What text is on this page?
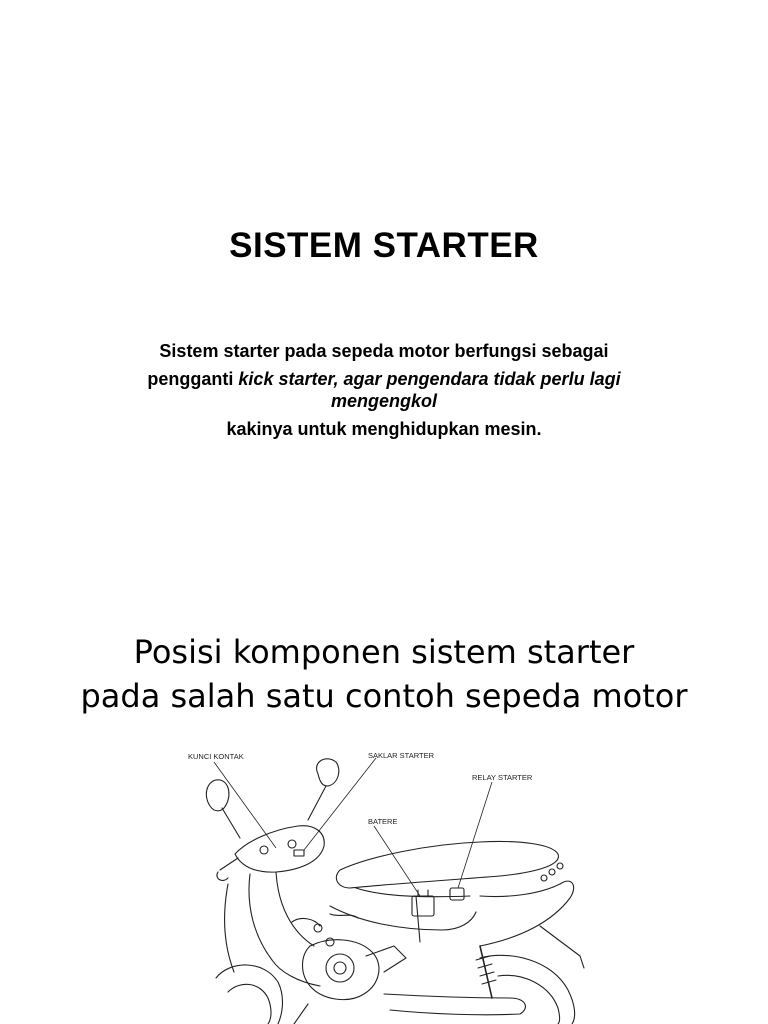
SISTEM STARTER

Sistem starter pada sepeda motor berfungsi sebagai

pengganti kick starter, agar pengendara tidak perlu lagi mengengkol

kakinya untuk menghidupkan mesin.

Posisi komponen sistem starter
pada salah satu contoh sepeda motor
KUNCI KONTAK	SAKLAR STARTER
RELAY STARTER
BATERE
